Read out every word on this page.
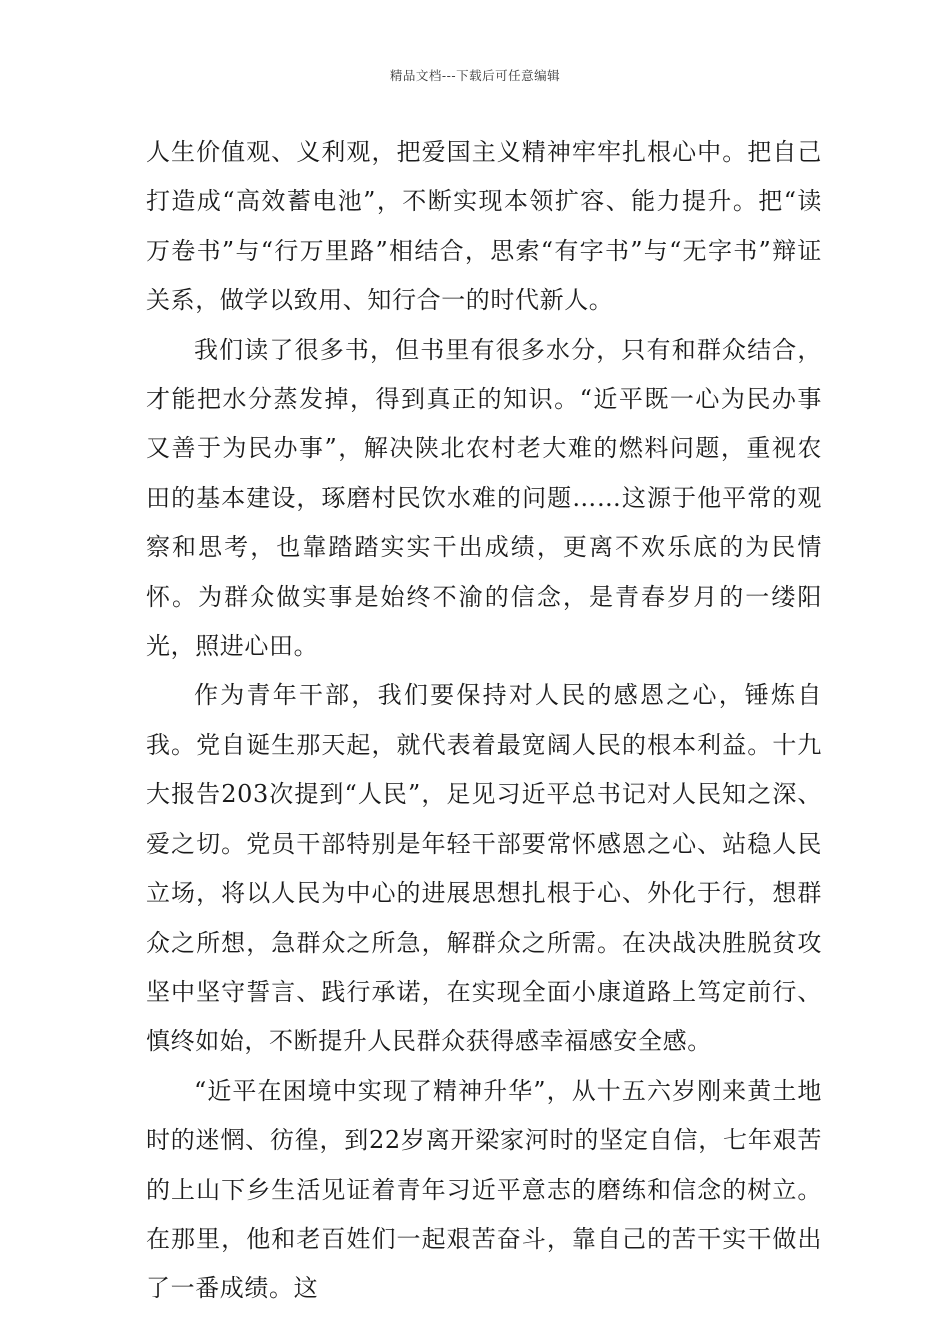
精品文档---下载后可任意编辑

人生价值观、义利观，把爱国主义精神牢牢扎根心中。把自己打造成“高效蓄电池”，不断实现本领扩容、能力提升。把“读万卷书”与“行万里路”相结合，思索“有字书”与“无字书”辩证关系，做学以致用、知行合一的时代新人。

我们读了很多书，但书里有很多水分，只有和群众结合，才能把水分蒸发掉，得到真正的知识。“近平既一心为民办事又善于为民办事”，解决陕北农村老大难的燃料问题，重视农田的基本建设，琢磨村民饮水难的问题……这源于他平常的观察和思考，也靠踏踏实实干出成绩，更离不欢乐底的为民情怀。为群众做实事是始终不渝的信念，是青春岁月的一缕阳光，照进心田。

作为青年干部，我们要保持对人民的感恩之心，锤炼自我。党自诞生那天起，就代表着最宽阔人民的根本利益。十九大报告203次提到“人民”，足见习近平总书记对人民知之深、爱之切。党员干部特别是年轻干部要常怀感恩之心、站稳人民立场，将以人民为中心的进展思想扎根于心、外化于行，想群众之所想，急群众之所急，解群众之所需。在决战决胜脱贫攻坚中坚守誓言、践行承诺，在实现全面小康道路上笃定前行、慎终如始，不断提升人民群众获得感幸福感安全感。

“近平在困境中实现了精神升华”，从十五六岁刚来黄土地时的迷惘、彷徨，到22岁离开梁家河时的坚定自信，七年艰苦的上山下乡生活见证着青年习近平意志的磨练和信念的树立。在那里，他和老百姓们一起艰苦奋斗，靠自己的苦干实干做出了一番成绩。这
